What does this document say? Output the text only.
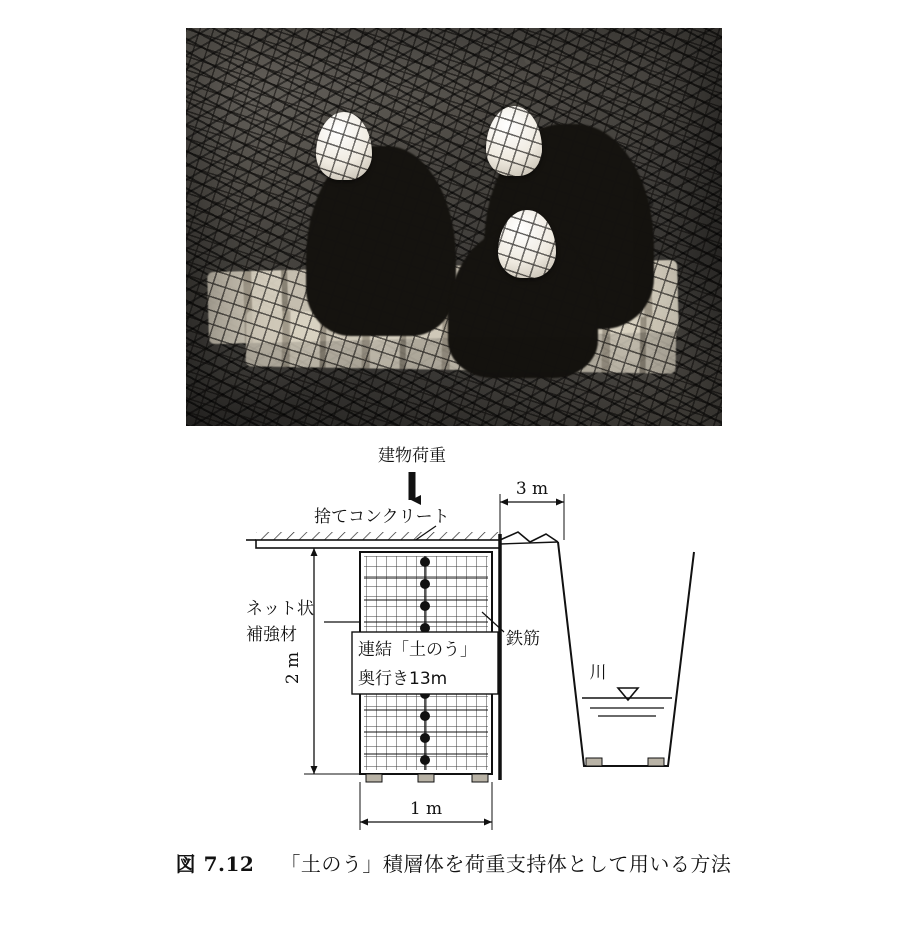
建物荷重
捨てコンクリート
3 m
ネット状
補強材
連結「土のう」
奥行き13m
鉄筋
2 m
1 m
川
図 7.12 「土のう」積層体を荷重支持体として用いる方法
